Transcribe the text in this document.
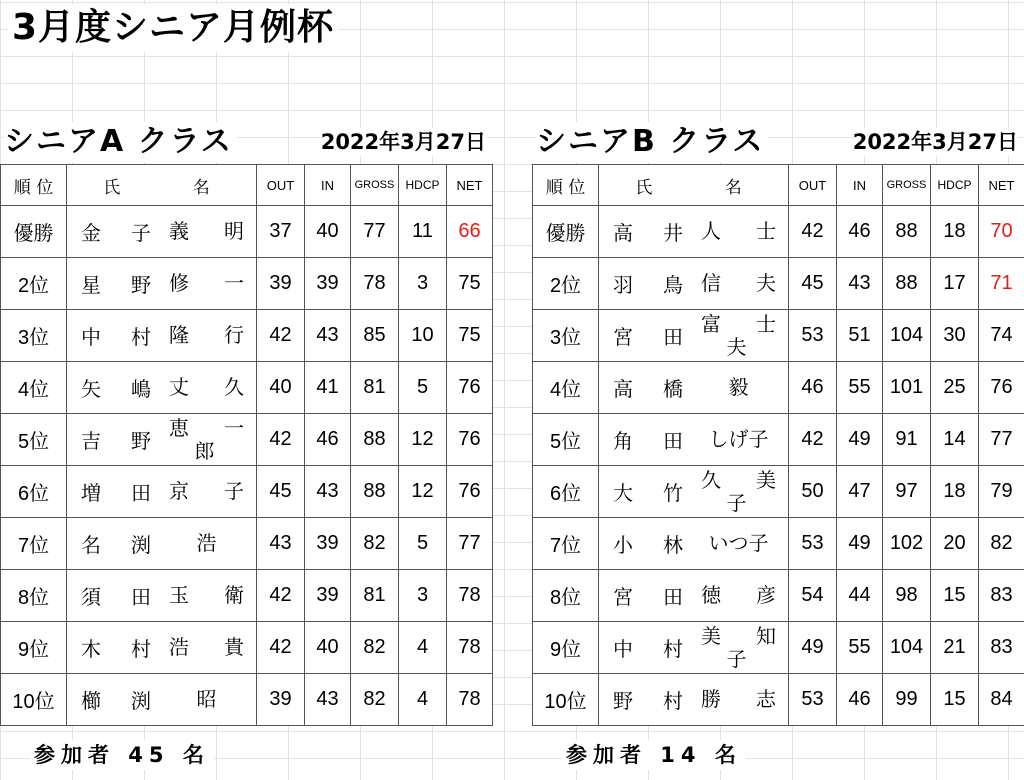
3月度シニア月例杯
シニアA クラス	2022年3月27日
順 位	氏 名	OUT	IN	GROSS	HDCP	NET
優勝	金 子 義 明	37	40	77	11	66
2位	星 野 修 一	39	39	78	3	75
3位	中 村 隆 行	42	43	85	10	75
4位	矢 嶋 丈 久	40	41	81	5	76
5位	吉 野
恵 一
郎	42	46	88	12	76
6位	増 田 京 子	45	43	88	12	76
7位	名 渕 浩	43	39	82	5	77
8位	須 田 玉 衛	42	39	81	3	78
9位	木 村 浩 貴	42	40	82	4	78
10位	櫛 渕 昭	39	43	82	4	78
参加者 45 名
シニアB クラス	2022年3月27日
順 位	氏 名	OUT	IN	GROSS	HDCP	NET
優勝	高 井 人 士	42	46	88	18	70
2位	羽 鳥 信 夫	45	43	88	17	71
3位	宮 田
富 士
夫	53	51	104	30	74
4位	高 橋 毅	46	55	101	25	76
5位	角 田 しげ子	42	49	91	14	77
6位	大 竹
久 美
子	50	47	97	18	79
7位	小 林 いつ子	53	49	102	20	82
8位	宮 田 徳 彦	54	44	98	15	83
9位	中 村
美 知
子	49	55	104	21	83
10位	野 村 勝 志	53	46	99	15	84
参加者 14 名
